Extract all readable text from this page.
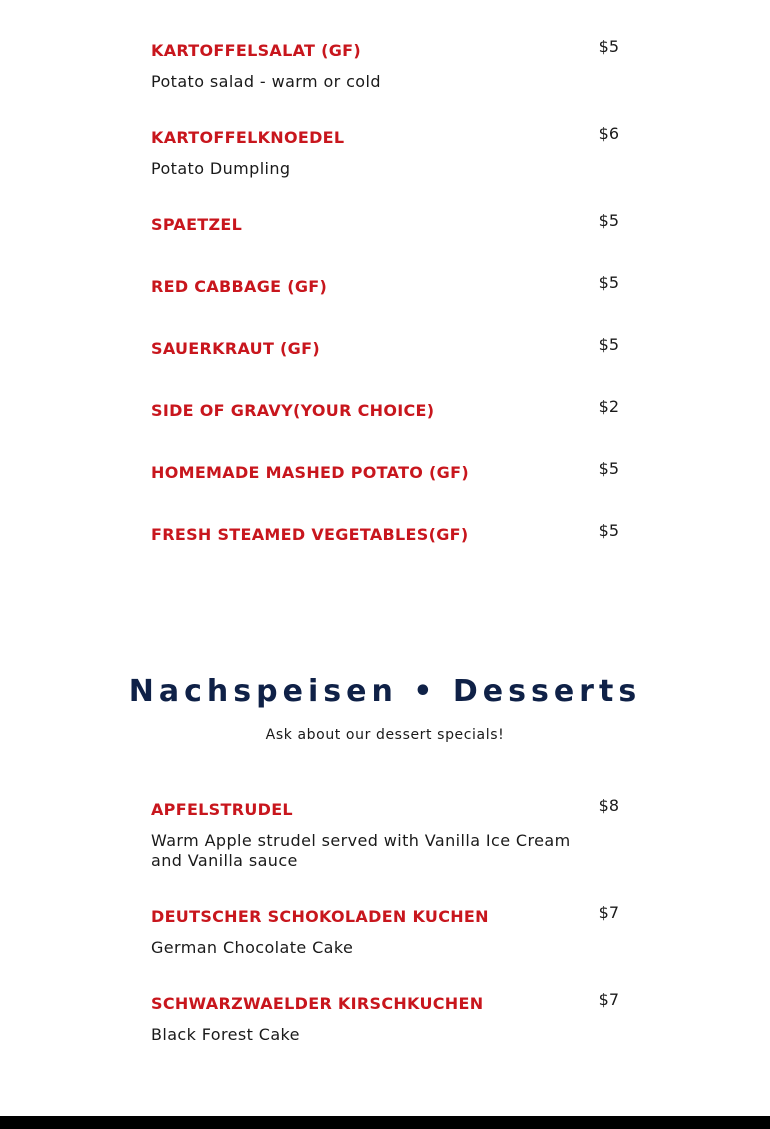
KARTOFFELSALAT (GF)	$5
Potato salad - warm or cold
KARTOFFELKNOEDEL	$6
Potato Dumpling
SPAETZEL	$5
RED CABBAGE (GF)	$5
SAUERKRAUT (GF)	$5
SIDE OF GRAVY(YOUR CHOICE)	$2
HOMEMADE MASHED POTATO (GF)	$5
FRESH STEAMED VEGETABLES(GF)	$5
Nachspeisen • Desserts
Ask about our dessert specials!
APFELSTRUDEL	$8
Warm Apple strudel served with Vanilla Ice Cream and Vanilla sauce
DEUTSCHER SCHOKOLADEN KUCHEN	$7
German Chocolate Cake
SCHWARZWAELDER KIRSCHKUCHEN	$7
Black Forest Cake
